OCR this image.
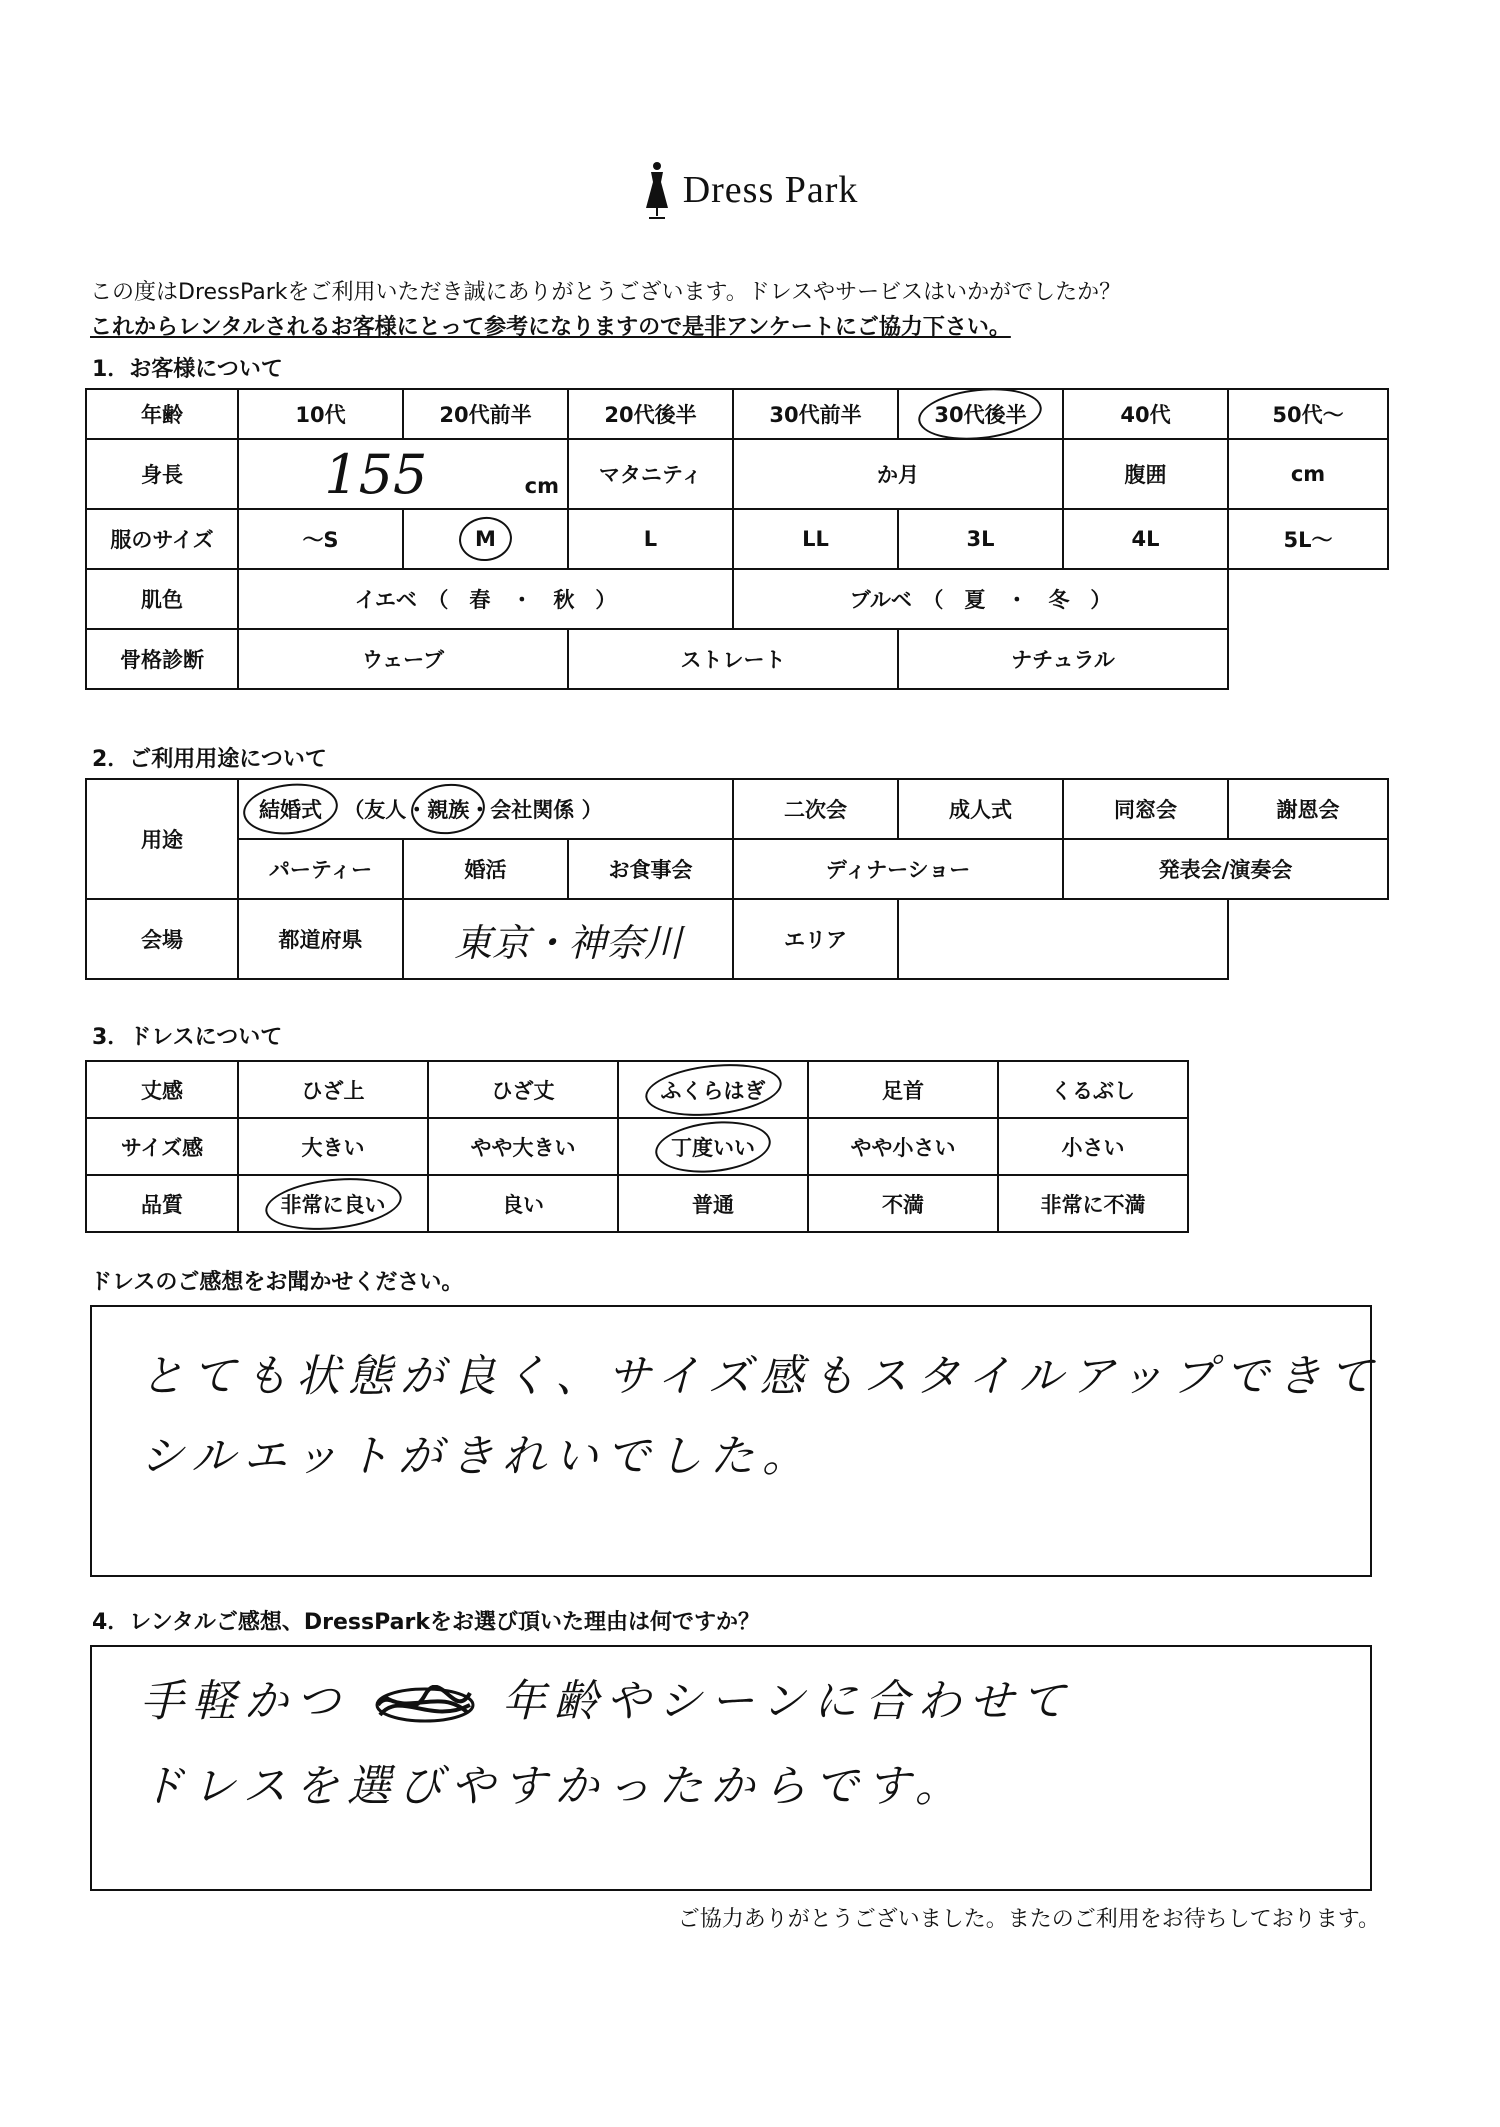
Dress Park
この度はDressParkをご利用いただき誠にありがとうございます。ドレスやサービスはいかがでしたか？
これからレンタルされるお客様にとって参考になりますので是非アンケートにご協力下さい。
1．お客様について
年齢	10代	20代前半	20代後半	30代前半	30代後半	40代	50代～
身長	155 cm		マタニティ	か月		腹囲	cm
服のサイズ	～S	M	L	LL	3L	4L	5L～
肌色	イエベ　（　春　・　秋　）			ブルベ　（　夏　・　冬　）			
骨格診断	ウェーブ		ストレート		ナチュラル		
2．ご利用用途について
用途	結婚式 （友人・親族・会社関係 ）			二次会	成人式	同窓会	謝恩会
	パーティー	婚活	お食事会	ディナーショー		発表会/演奏会	
会場	都道府県	東京・神奈川		エリア			
3．ドレスについて
丈感	ひざ上	ひざ丈	ふくらはぎ	足首	くるぶし
サイズ感	大きい	やや大きい	丁度いい	やや小さい	小さい
品質	非常に良い	良い	普通	不満	非常に不満
ドレスのご感想をお聞かせください。
とても状態が良く、サイズ感もスタイルアップできて
シルエットがきれいでした。
4．レンタルご感想、DressParkをお選び頂いた理由は何ですか？
手軽かつ	年齢やシーンに合わせて
ドレスを選びやすかったからです。
ご協力ありがとうございました。またのご利用をお待ちしております。
